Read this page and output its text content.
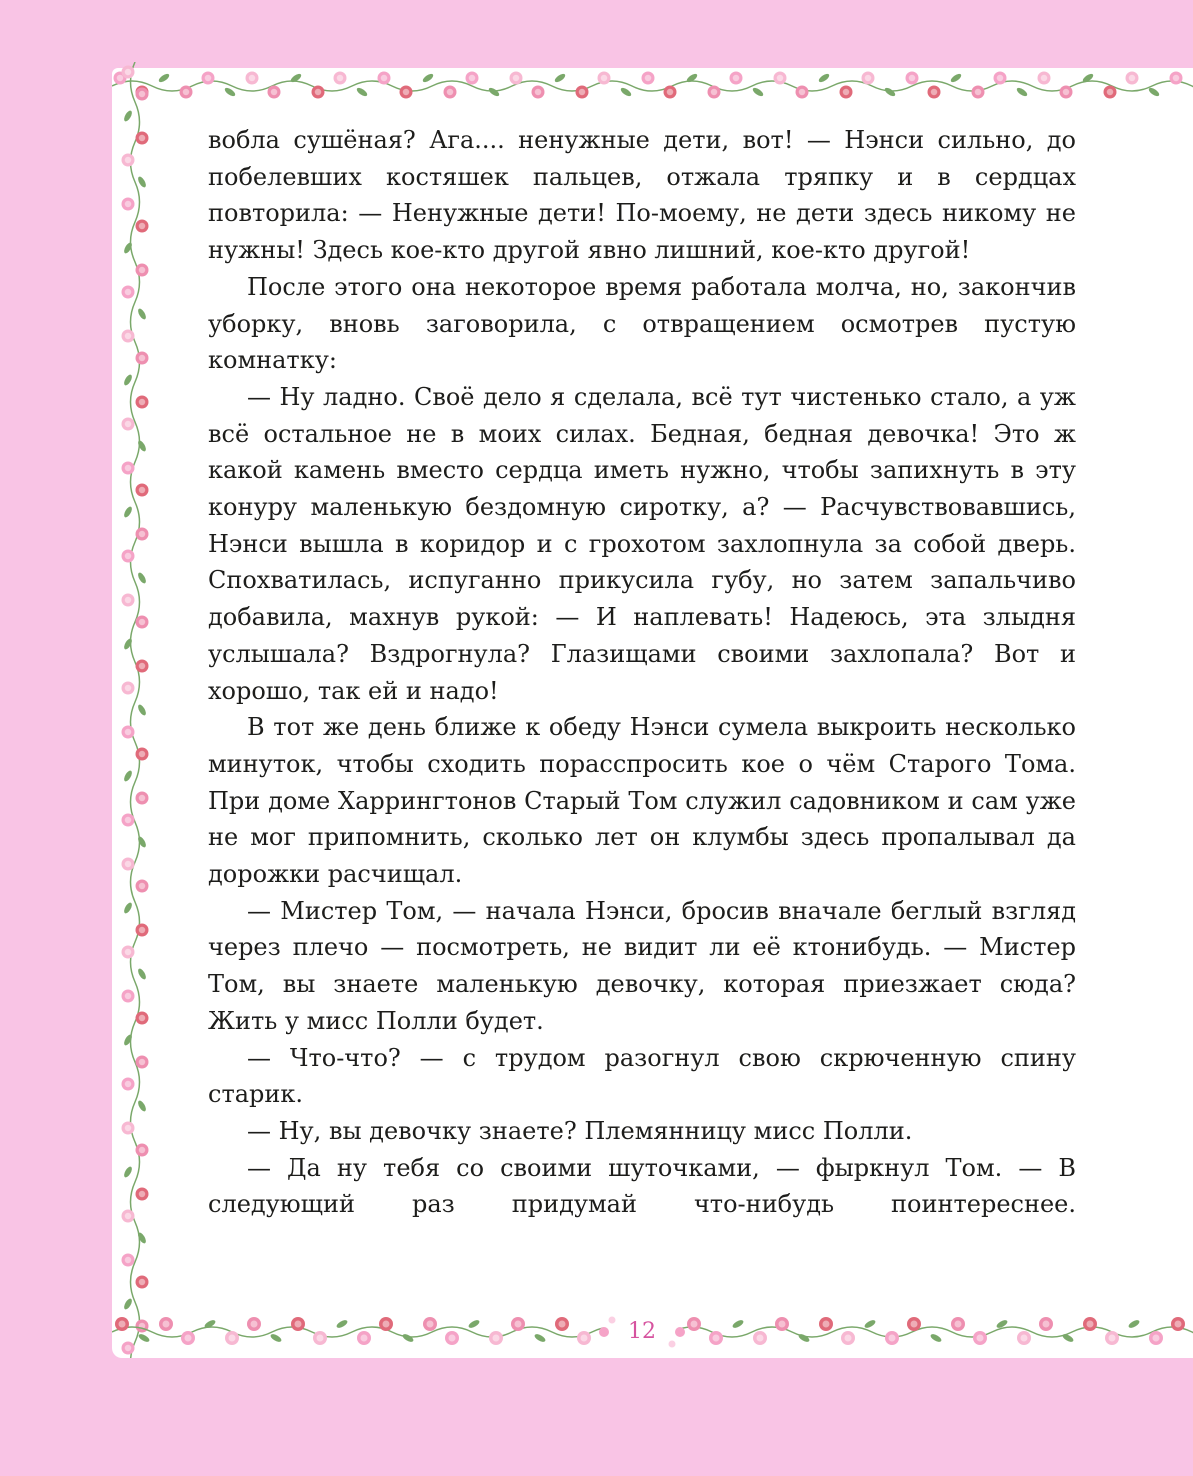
вобла сушёная? Ага.... ненужные дети, вот! — Нэнси сильно, до побелевших костяшек пальцев, отжала тряпку и в сердцах повторила: — Ненужные дети! По-моему, не дети здесь никому не нужны! Здесь кое-кто другой явно лишний, кое-кто другой!

После этого она некоторое время работала молча, но, закончив уборку, вновь заговорила, с отвращением осмотрев пустую комнатку:

— Ну ладно. Своё дело я сделала, всё тут чистенько стало, а уж всё остальное не в моих силах. Бедная, бедная девочка! Это ж какой камень вместо сердца иметь нужно, чтобы запихнуть в эту конуру маленькую бездомную сиротку, а? — Расчувствовавшись, Нэнси вышла в коридор и с грохотом захлопнула за собой дверь. Спохватилась, испуганно прикусила губу, но затем запальчиво добавила, махнув рукой: — И наплевать! Надеюсь, эта злыдня услышала? Вздрогнула? Глазищами своими захлопала? Вот и хорошо, так ей и надо!

В тот же день ближе к обеду Нэнси сумела выкроить несколько минуток, чтобы сходить порасспросить кое о чём Старого Тома. При доме Харрингтонов Старый Том служил садовником и сам уже не мог припомнить, сколько лет он клумбы здесь пропалывал да дорожки расчищал.

— Мистер Том, — начала Нэнси, бросив вначале беглый взгляд через плечо — посмотреть, не видит ли её ктонибудь. — Мистер Том, вы знаете маленькую девочку, которая приезжает сюда? Жить у мисс Полли будет.

— Что-что? — с трудом разогнул свою скрюченную спину старик.

— Ну, вы девочку знаете? Племянницу мисс Полли.

— Да ну тебя со своими шуточками, — фыркнул Том. — В следующий раз придумай что-нибудь поинтереснее.

12
